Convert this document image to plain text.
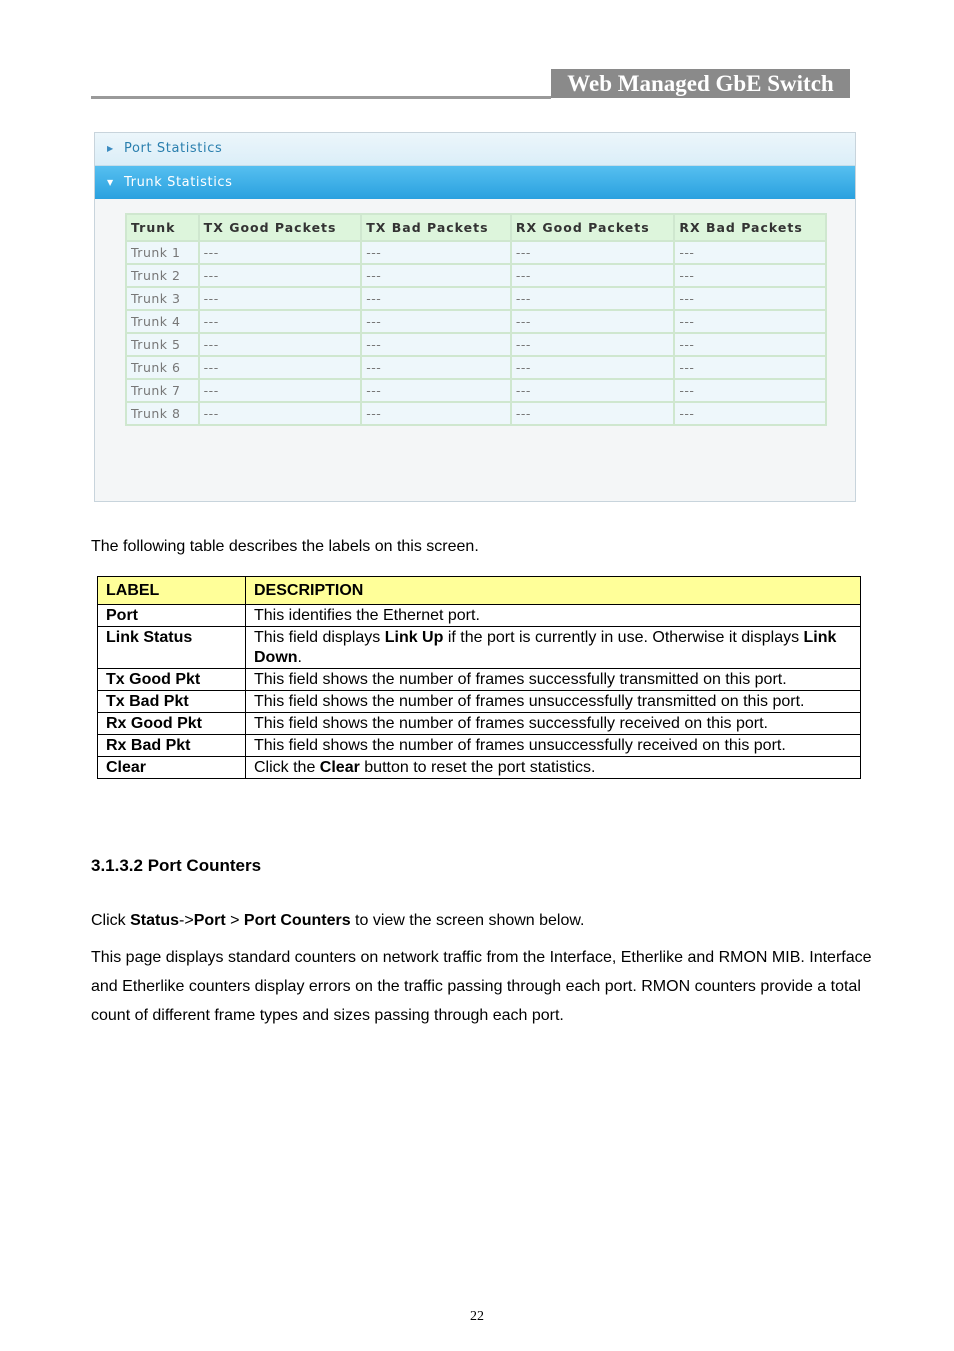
Web Managed GbE Switch
▶ Port Statistics
▼ Trunk Statistics
Trunk	TX Good Packets	TX Bad Packets	RX Good Packets	RX Bad Packets
Trunk 1	---	---	---	---
Trunk 2	---	---	---	---
Trunk 3	---	---	---	---
Trunk 4	---	---	---	---
Trunk 5	---	---	---	---
Trunk 6	---	---	---	---
Trunk 7	---	---	---	---
Trunk 8	---	---	---	---
The following table describes the labels on this screen.
LABEL	DESCRIPTION
Port	This identifies the Ethernet port.
Link Status	This field displays Link Up if the port is currently in use. Otherwise it displays Link Down.
Tx Good Pkt	This field shows the number of frames successfully transmitted on this port.
Tx Bad Pkt	This field shows the number of frames unsuccessfully transmitted on this port.
Rx Good Pkt	This field shows the number of frames successfully received on this port.
Rx Bad Pkt	This field shows the number of frames unsuccessfully received on this port.
Clear	Click the Clear button to reset the port statistics.
3.1.3.2 Port Counters
Click Status->Port > Port Counters to view the screen shown below.
This page displays standard counters on network traffic from the Interface, Etherlike and RMON MIB. Interface and Etherlike counters display errors on the traffic passing through each port. RMON counters provide a total count of different frame types and sizes passing through each port.
22
